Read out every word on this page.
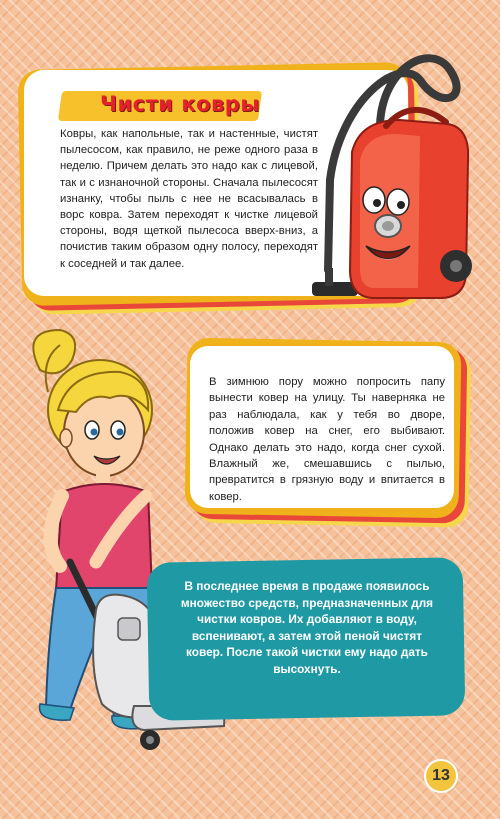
Чисти ковры

Ковры, как напольные, так и настенные, чистят пылесосом, как правило, не реже одного раза в неделю. Причем делать это надо как с лицевой, так и с изнаночной стороны. Сначала пылесосят изнанку, чтобы пыль с нее не всасывалась в ворс ковра. Затем переходят к чистке лицевой стороны, водя щеткой пылесоса вверх-вниз, а почистив таким образом одну полосу, переходят к соседней и так далее.

В зимнюю пору можно попросить папу вынести ковер на улицу. Ты наверняка не раз наблюдала, как у тебя во дворе, положив ковер на снег, его выбивают. Однако делать это надо, когда снег сухой. Влажный же, смешавшись с пылью, превратится в грязную воду и впитается в ковер.

В последнее время в продаже появилось множество средств, предназначенных для чистки ковров. Их добавляют в воду, вспенивают, а затем этой пеной чистят ковер. После такой чистки ему надо дать высохнуть.

13
